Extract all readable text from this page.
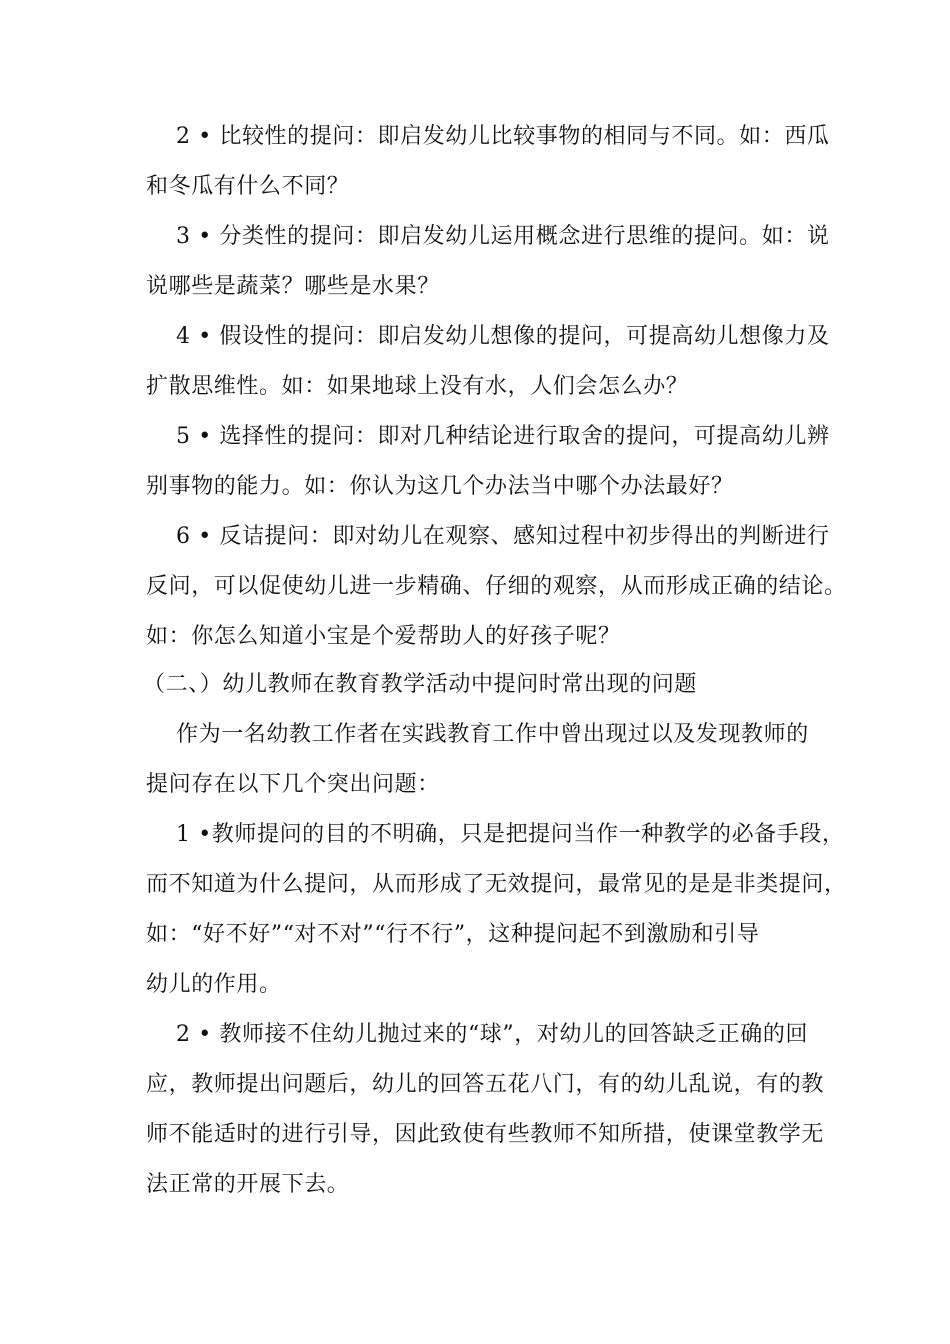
2 • 比较性的提问：即启发幼儿比较事物的相同与不同。如：西瓜
和冬瓜有什么不同？
3 • 分类性的提问：即启发幼儿运用概念进行思维的提问。如：说
说哪些是蔬菜？哪些是水果？
4 • 假设性的提问：即启发幼儿想像的提问，可提高幼儿想像力及
扩散思维性。如：如果地球上没有水，人们会怎么办？
5 • 选择性的提问：即对几种结论进行取舍的提问，可提高幼儿辨
别事物的能力。如：你认为这几个办法当中哪个办法最好？
6 • 反诘提问：即对幼儿在观察、感知过程中初步得出的判断进行
反问，可以促使幼儿进一步精确、仔细的观察，从而形成正确的结论。
如：你怎么知道小宝是个爱帮助人的好孩子呢？
（二、）幼儿教师在教育教学活动中提问时常出现的问题
作为一名幼教工作者在实践教育工作中曾出现过以及发现教师的
提问存在以下几个突出问题：
1 •教师提问的目的不明确，只是把提问当作一种教学的必备手段，
而不知道为什么提问，从而形成了无效提问，最常见的是是非类提问，
如：“好不好”“对不对”“行不行”，这种提问起不到激励和引导
幼儿的作用。
2 • 教师接不住幼儿抛过来的“球”，对幼儿的回答缺乏正确的回
应，教师提出问题后，幼儿的回答五花八门，有的幼儿乱说，有的教
师不能适时的进行引导，因此致使有些教师不知所措，使课堂教学无
法正常的开展下去。
